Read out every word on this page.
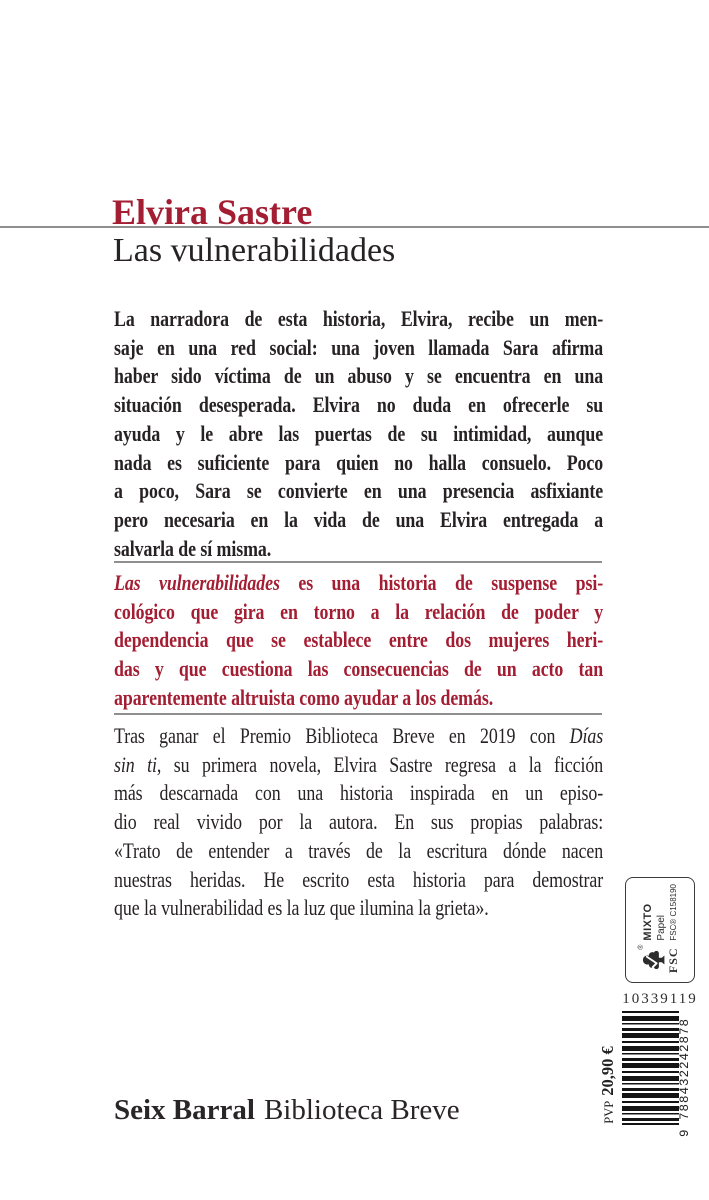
Elvira Sastre
Las vulnerabilidades
La narradora de esta historia, Elvira, recibe un men-
saje en una red social: una joven llamada Sara afirma
haber sido víctima de un abuso y se encuentra en una
situación desesperada. Elvira no duda en ofrecerle su
ayuda y le abre las puertas de su intimidad, aunque
nada es suficiente para quien no halla consuelo. Poco
a poco, Sara se convierte en una presencia asfixiante
pero necesaria en la vida de una Elvira entregada a
salvarla de sí misma.
Las vulnerabilidades es una historia de suspense psi-
cológico que gira en torno a la relación de poder y
dependencia que se establece entre dos mujeres heri-
das y que cuestiona las consecuencias de un acto tan
aparentemente altruista como ayudar a los demás.
Tras ganar el Premio Biblioteca Breve en 2019 con Días
sin ti, su primera novela, Elvira Sastre regresa a la ficción
más descarnada con una historia inspirada en un episo-
dio real vivido por la autora. En sus propias palabras:
«Trato de entender a través de la escritura dónde nacen
nuestras heridas. He escrito esta historia para demostrar
que la vulnerabilidad es la luz que ilumina la grieta».
®
FSC
MIXTO Papel FSC® C158190
10339119
9 788432242878
PVP
20,90 €
Seix Barral Biblioteca Breve
